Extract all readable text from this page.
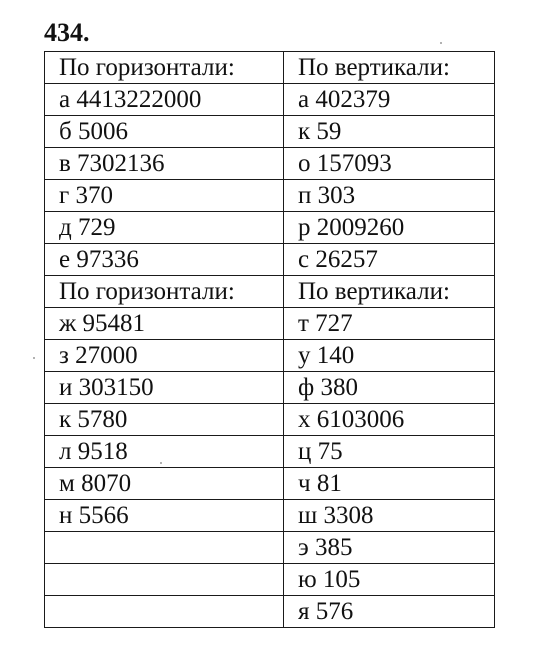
434.
По горизонтали:	По вертикали:
а 4413222000	а 402379
б 5006	к 59
в 7302136	о 157093
г 370	п 303
д 729	р 2009260
е 97336	с 26257
По горизонтали:	По вертикали:
ж 95481	т 727
з 27000	у 140
и 303150	ф 380
к 5780	х 6103006
л 9518	ц 75
м 8070	ч 81
н 5566	ш 3308
	э 385
	ю 105
	я 576
